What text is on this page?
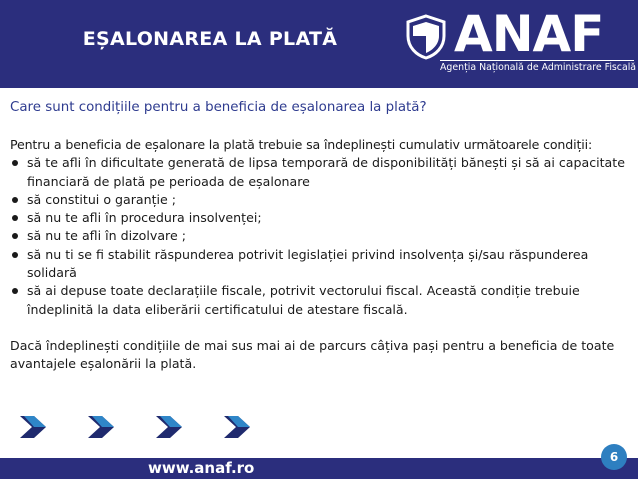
EȘALONAREA LA PLATĂ	ANAF
Agenția Națională de Administrare Fiscală
Care sunt condițiile pentru a beneficia de eșalonarea la plată?
Pentru a beneficia de eșalonare la plată trebuie sa îndeplinești cumulativ următoarele condiții:
să te afli în dificultate generată de lipsa temporară de disponibilități bănești și să ai capacitate financiară de plată pe perioada de eșalonare
să constitui o garanție ;
să nu te afli în procedura insolvenței;
să nu te afli în dizolvare ;
să nu ti se fi stabilit răspunderea potrivit legislației privind insolvența și/sau răspunderea solidară
să ai depuse toate declarațiile fiscale, potrivit vectorului fiscal. Această condiție trebuie îndeplinită la data eliberării certificatului de atestare fiscală.
Dacă îndeplinești condițiile de mai sus mai ai de parcurs câțiva pași pentru a beneficia de toate avantajele eșalonării la plată.
www.anaf.ro
6
